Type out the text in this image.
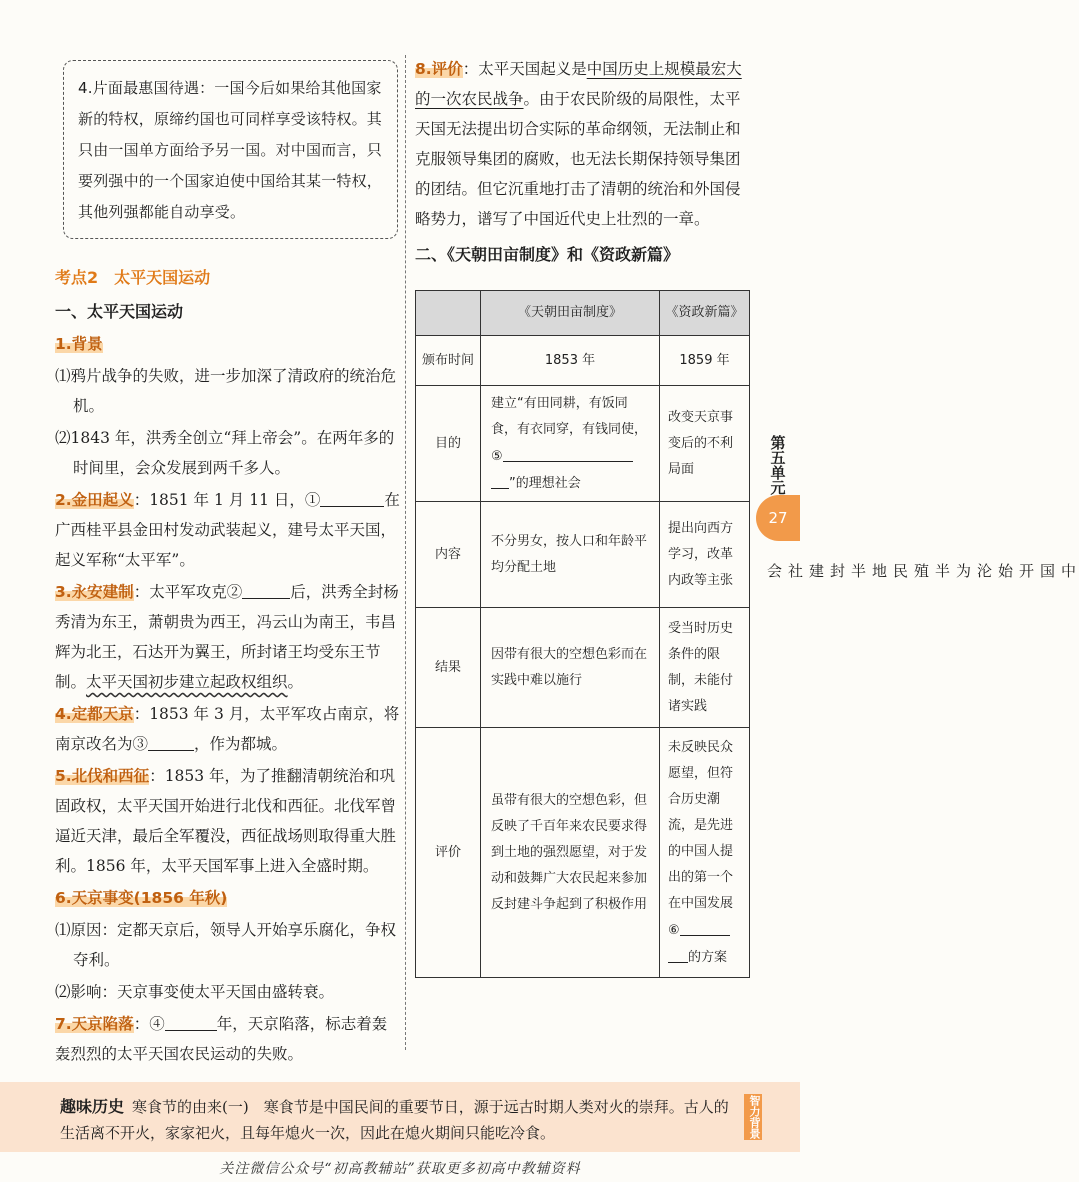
4.片面最惠国待遇：一国今后如果给其他国家新的特权，原缔约国也可同样享受该特权。其只由一国单方面给予另一国。对中国而言，只要列强中的一个国家迫使中国给其某一特权，其他列强都能自动享受。
考点2　太平天国运动
一、太平天国运动
1.背景
⑴鸦片战争的失败，进一步加深了清政府的统治危机。
⑵1843 年，洪秀全创立“拜上帝会”。在两年多的时间里，会众发展到两千多人。
2.金田起义：1851 年 1 月 11 日，①	在广西桂平县金田村发动武装起义，建号太平天国，起义军称“太平军”。
3.永安建制：太平军攻克②	后，洪秀全封杨秀清为东王，萧朝贵为西王，冯云山为南王，韦昌辉为北王，石达开为翼王，所封诸王均受东王节制。太平天国初步建立起政权组织。
4.定都天京：1853 年 3 月，太平军攻占南京，将南京改名为③	，作为都城。
5.北伐和西征：1853 年，为了推翻清朝统治和巩固政权，太平天国开始进行北伐和西征。北伐军曾逼近天津，最后全军覆没，西征战场则取得重大胜利。1856 年，太平天国军事上进入全盛时期。
6.天京事变(1856 年秋)
⑴原因：定都天京后，领导人开始享乐腐化，争权夺利。
⑵影响：天京事变使太平天国由盛转衰。
7.天京陷落：④	年，天京陷落，标志着轰轰烈烈的太平天国农民运动的失败。
8.评价：太平天国起义是中国历史上规模最宏大的一次农民战争。由于农民阶级的局限性，太平天国无法提出切合实际的革命纲领，无法制止和克服领导集团的腐败，也无法长期保持领导集团的团结。但它沉重地打击了清朝的统治和外国侵略势力，谱写了中国近代史上壮烈的一章。
二、《天朝田亩制度》和《资政新篇》
	《天朝田亩制度》	《资政新篇》
颁布时间	1853 年	1859 年
目的	建立“有田同耕，有饭同食，有衣同穿，有钱同使，⑤
”的理想社会	改变天京事变后的不利局面
内容	不分男女，按人口和年龄平均分配土地	提出向西方学习，改革内政等主张
结果	因带有很大的空想色彩而在实践中难以施行	受当时历史条件的限制，未能付诸实践
评价	虽带有很大的空想色彩，但反映了千百年来农民要求得到土地的强烈愿望，对于发动和鼓舞广大农民起来参加反封建斗争起到了积极作用	未反映民众愿望，但符合历史潮流，是先进的中国人提出的第一个在中国发展⑥
的方案
第五单元
27
中国开始沦为半殖民地半封建社会
趣味历史 寒食节的由来(一)　寒食节是中国民间的重要节日，源于远古时期人类对火的崇拜。古人的生活离不开火，家家祀火，且每年熄火一次，因此在熄火期间只能吃冷食。	智力背景
关注微信公众号“初高教辅站”获取更多初高中教辅资料
